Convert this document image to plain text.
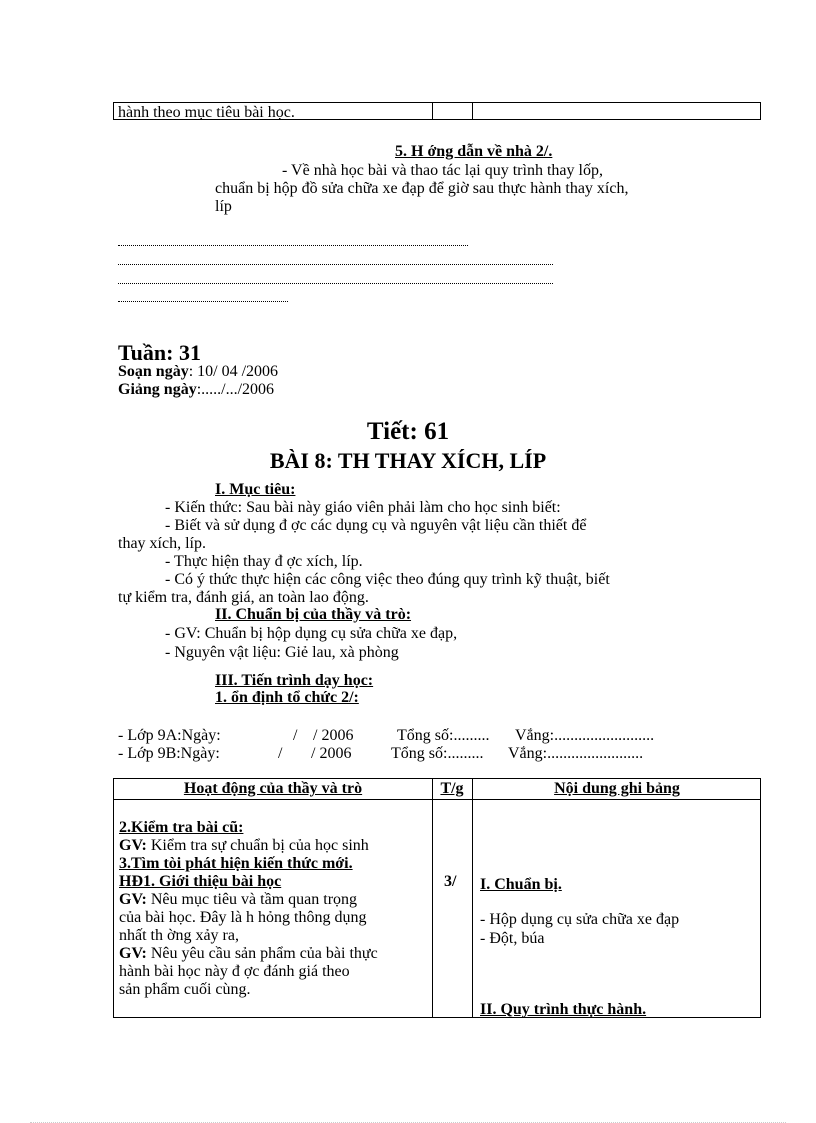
hành theo mục tiêu bài học.
5. H ớng dẫn về nhà 2/.
- Về nhà học bài và thao tác lại quy trình thay lốp,
chuẩn bị hộp đồ sửa chữa xe đạp để giờ sau thực hành thay xích,
líp
Tuần: 31
Soạn ngày: 10/ 04 /2006
Giảng ngày:...../.../2006
Tiết: 61
BÀI 8: TH THAY XÍCH, LÍP
I. Mục tiêu:
- Kiến thức: Sau bài này giáo viên phải làm cho học sinh biết:
- Biết và sử dụng đ ợc các dụng cụ và nguyên vật liệu cần thiết để
thay xích, líp.
- Thực hiện thay đ ợc xích, líp.
- Có ý thức thực hiện các công việc theo đúng quy trình kỹ thuật, biết
tự kiểm tra, đánh giá, an toàn lao động.
II. Chuẩn bị của thầy và trò:
- GV: Chuẩn bị hộp dụng cụ sửa chữa xe đạp,
- Nguyên vật liệu: Giẻ lau, xà phòng
III. Tiến trình dạy học:
1. ổn định tổ chức 2/:
- Lớp 9A:Ngày:	/ / 2006	Tổng số:......... Vắng:.........................
- Lớp 9B:Ngày:	/ / 2006 Tổng số:......... Vắng:........................
Hoạt động của thầy và trò	T/g	Nội dung ghi bảng
2.Kiểm tra bài cũ:
GV: Kiểm tra sự chuẩn bị của học sinh
3.Tìm tòi phát hiện kiến thức mới.
HĐ1. Giới thiệu bài học
GV: Nêu mục tiêu và tầm quan trọng
của bài học. Đây là h hỏng thông dụng
nhất th ờng xảy ra,
GV: Nêu yêu cầu sản phẩm của bài thực
hành bài học này đ ợc đánh giá theo
sản phẩm cuối cùng.
3/ I. Chuẩn bị.
- Hộp dụng cụ sửa chữa xe đạp
- Đột, búa
II. Quy trình thực hành.
